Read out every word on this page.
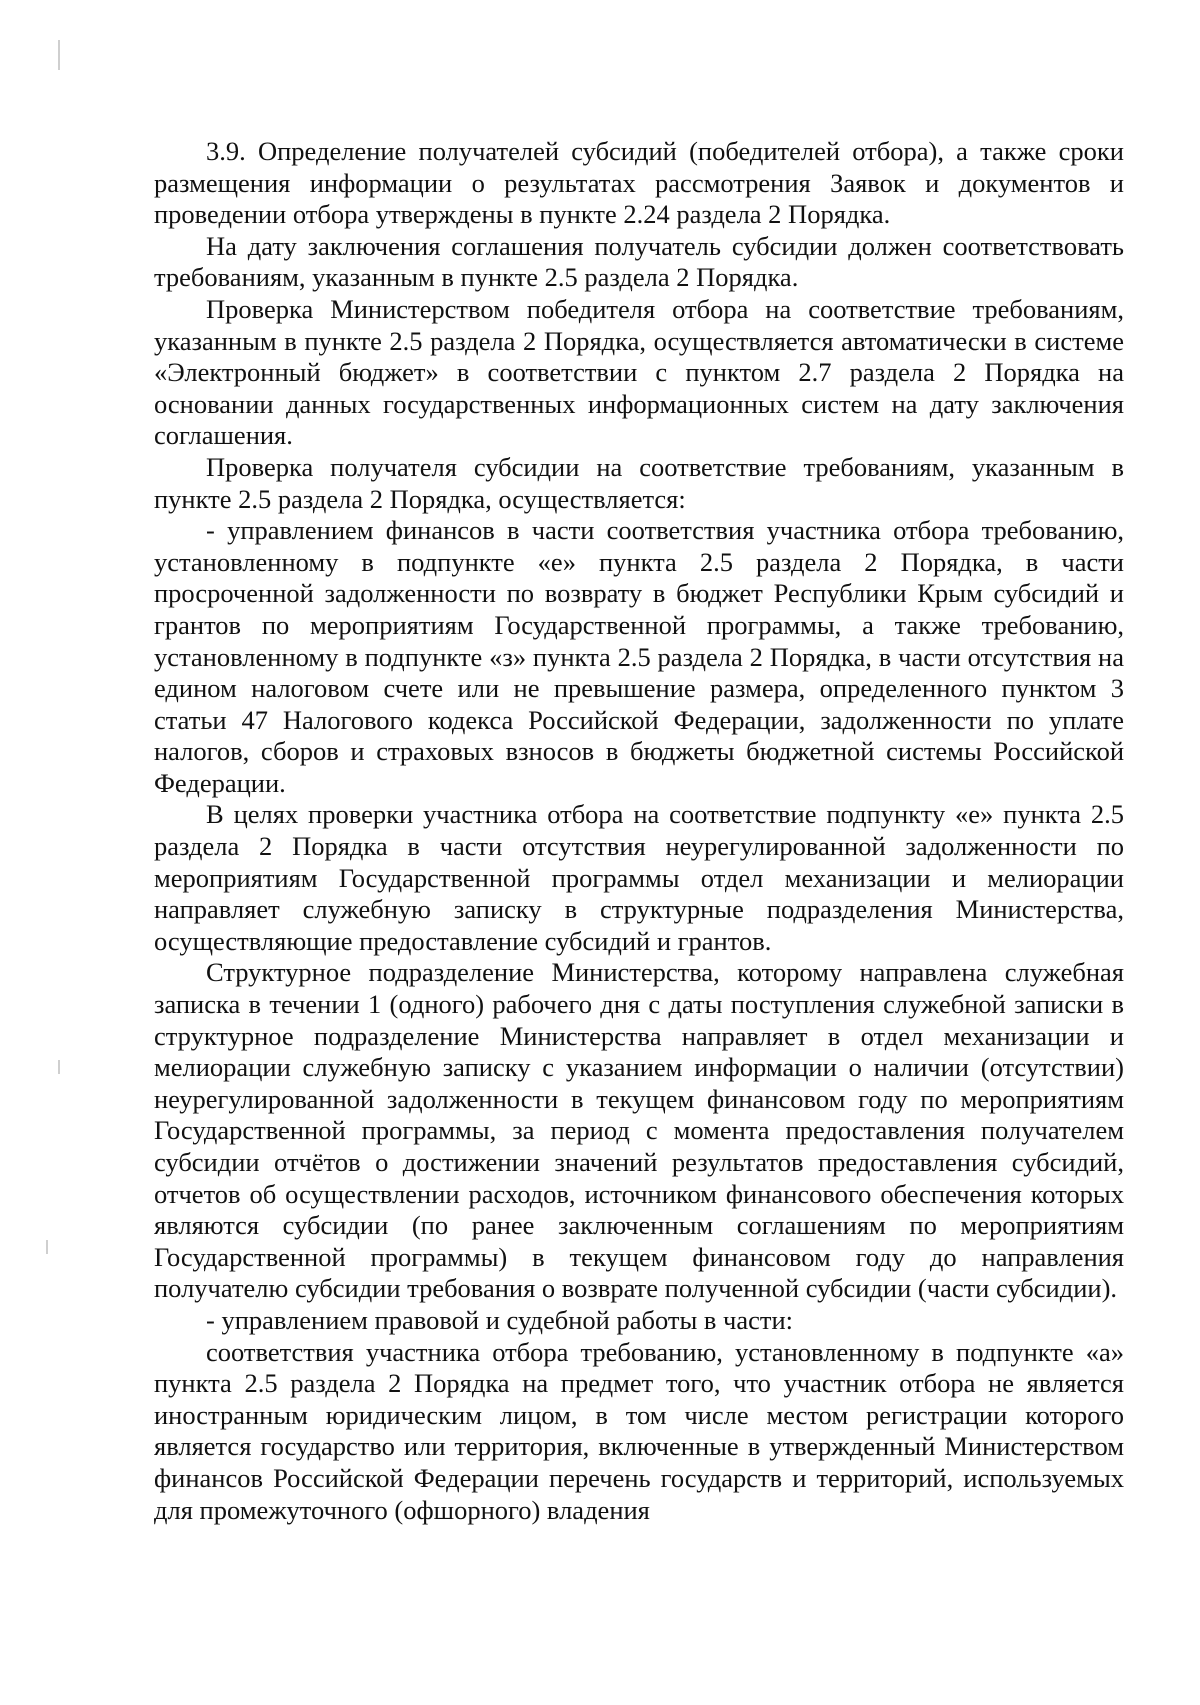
3.9. Определение получателей субсидий (победителей отбора), а также сроки размещения информации о результатах рассмотрения Заявок и документов и проведении отбора утверждены в пункте 2.24 раздела 2 Порядка.

На дату заключения соглашения получатель субсидии должен соответствовать требованиям, указанным в пункте 2.5 раздела 2 Порядка.

Проверка Министерством победителя отбора на соответствие требованиям, указанным в пункте 2.5 раздела 2 Порядка, осуществляется автоматически в системе «Электронный бюджет» в соответствии с пунктом 2.7 раздела 2 Порядка на основании данных государственных информационных систем на дату заключения соглашения.

Проверка получателя субсидии на соответствие требованиям, указанным в пункте 2.5 раздела 2 Порядка, осуществляется:

- управлением финансов в части соответствия участника отбора требованию, установленному в подпункте «е» пункта 2.5 раздела 2 Порядка, в части просроченной задолженности по возврату в бюджет Республики Крым субсидий и грантов по мероприятиям Государственной программы, а также требованию, установленному в подпункте «з» пункта 2.5 раздела 2 Порядка, в части отсутствия на едином налоговом счете или не превышение размера, определенного пунктом 3 статьи 47 Налогового кодекса Российской Федерации, задолженности по уплате налогов, сборов и страховых взносов в бюджеты бюджетной системы Российской Федерации.

В целях проверки участника отбора на соответствие подпункту «е» пункта 2.5 раздела 2 Порядка в части отсутствия неурегулированной задолженности по мероприятиям Государственной программы отдел механизации и мелиорации направляет служебную записку в структурные подразделения Министерства, осуществляющие предоставление субсидий и грантов.

Структурное подразделение Министерства, которому направлена служебная записка в течении 1 (одного) рабочего дня с даты поступления служебной записки в структурное подразделение Министерства направляет в отдел механизации и мелиорации служебную записку с указанием информации о наличии (отсутствии) неурегулированной задолженности в текущем финансовом году по мероприятиям Государственной программы, за период с момента предоставления получателем субсидии отчётов о достижении значений результатов предоставления субсидий, отчетов об осуществлении расходов, источником финансового обеспечения которых являются субсидии (по ранее заключенным соглашениям по мероприятиям Государственной программы) в текущем финансовом году до направления получателю субсидии требования о возврате полученной субсидии (части субсидии).

- управлением правовой и судебной работы в части:

соответствия участника отбора требованию, установленному в подпункте «а» пункта 2.5 раздела 2 Порядка на предмет того, что участник отбора не является иностранным юридическим лицом, в том числе местом регистрации которого является государство или территория, включенные в утвержденный Министерством финансов Российской Федерации перечень государств и территорий, используемых для промежуточного (офшорного) владения
